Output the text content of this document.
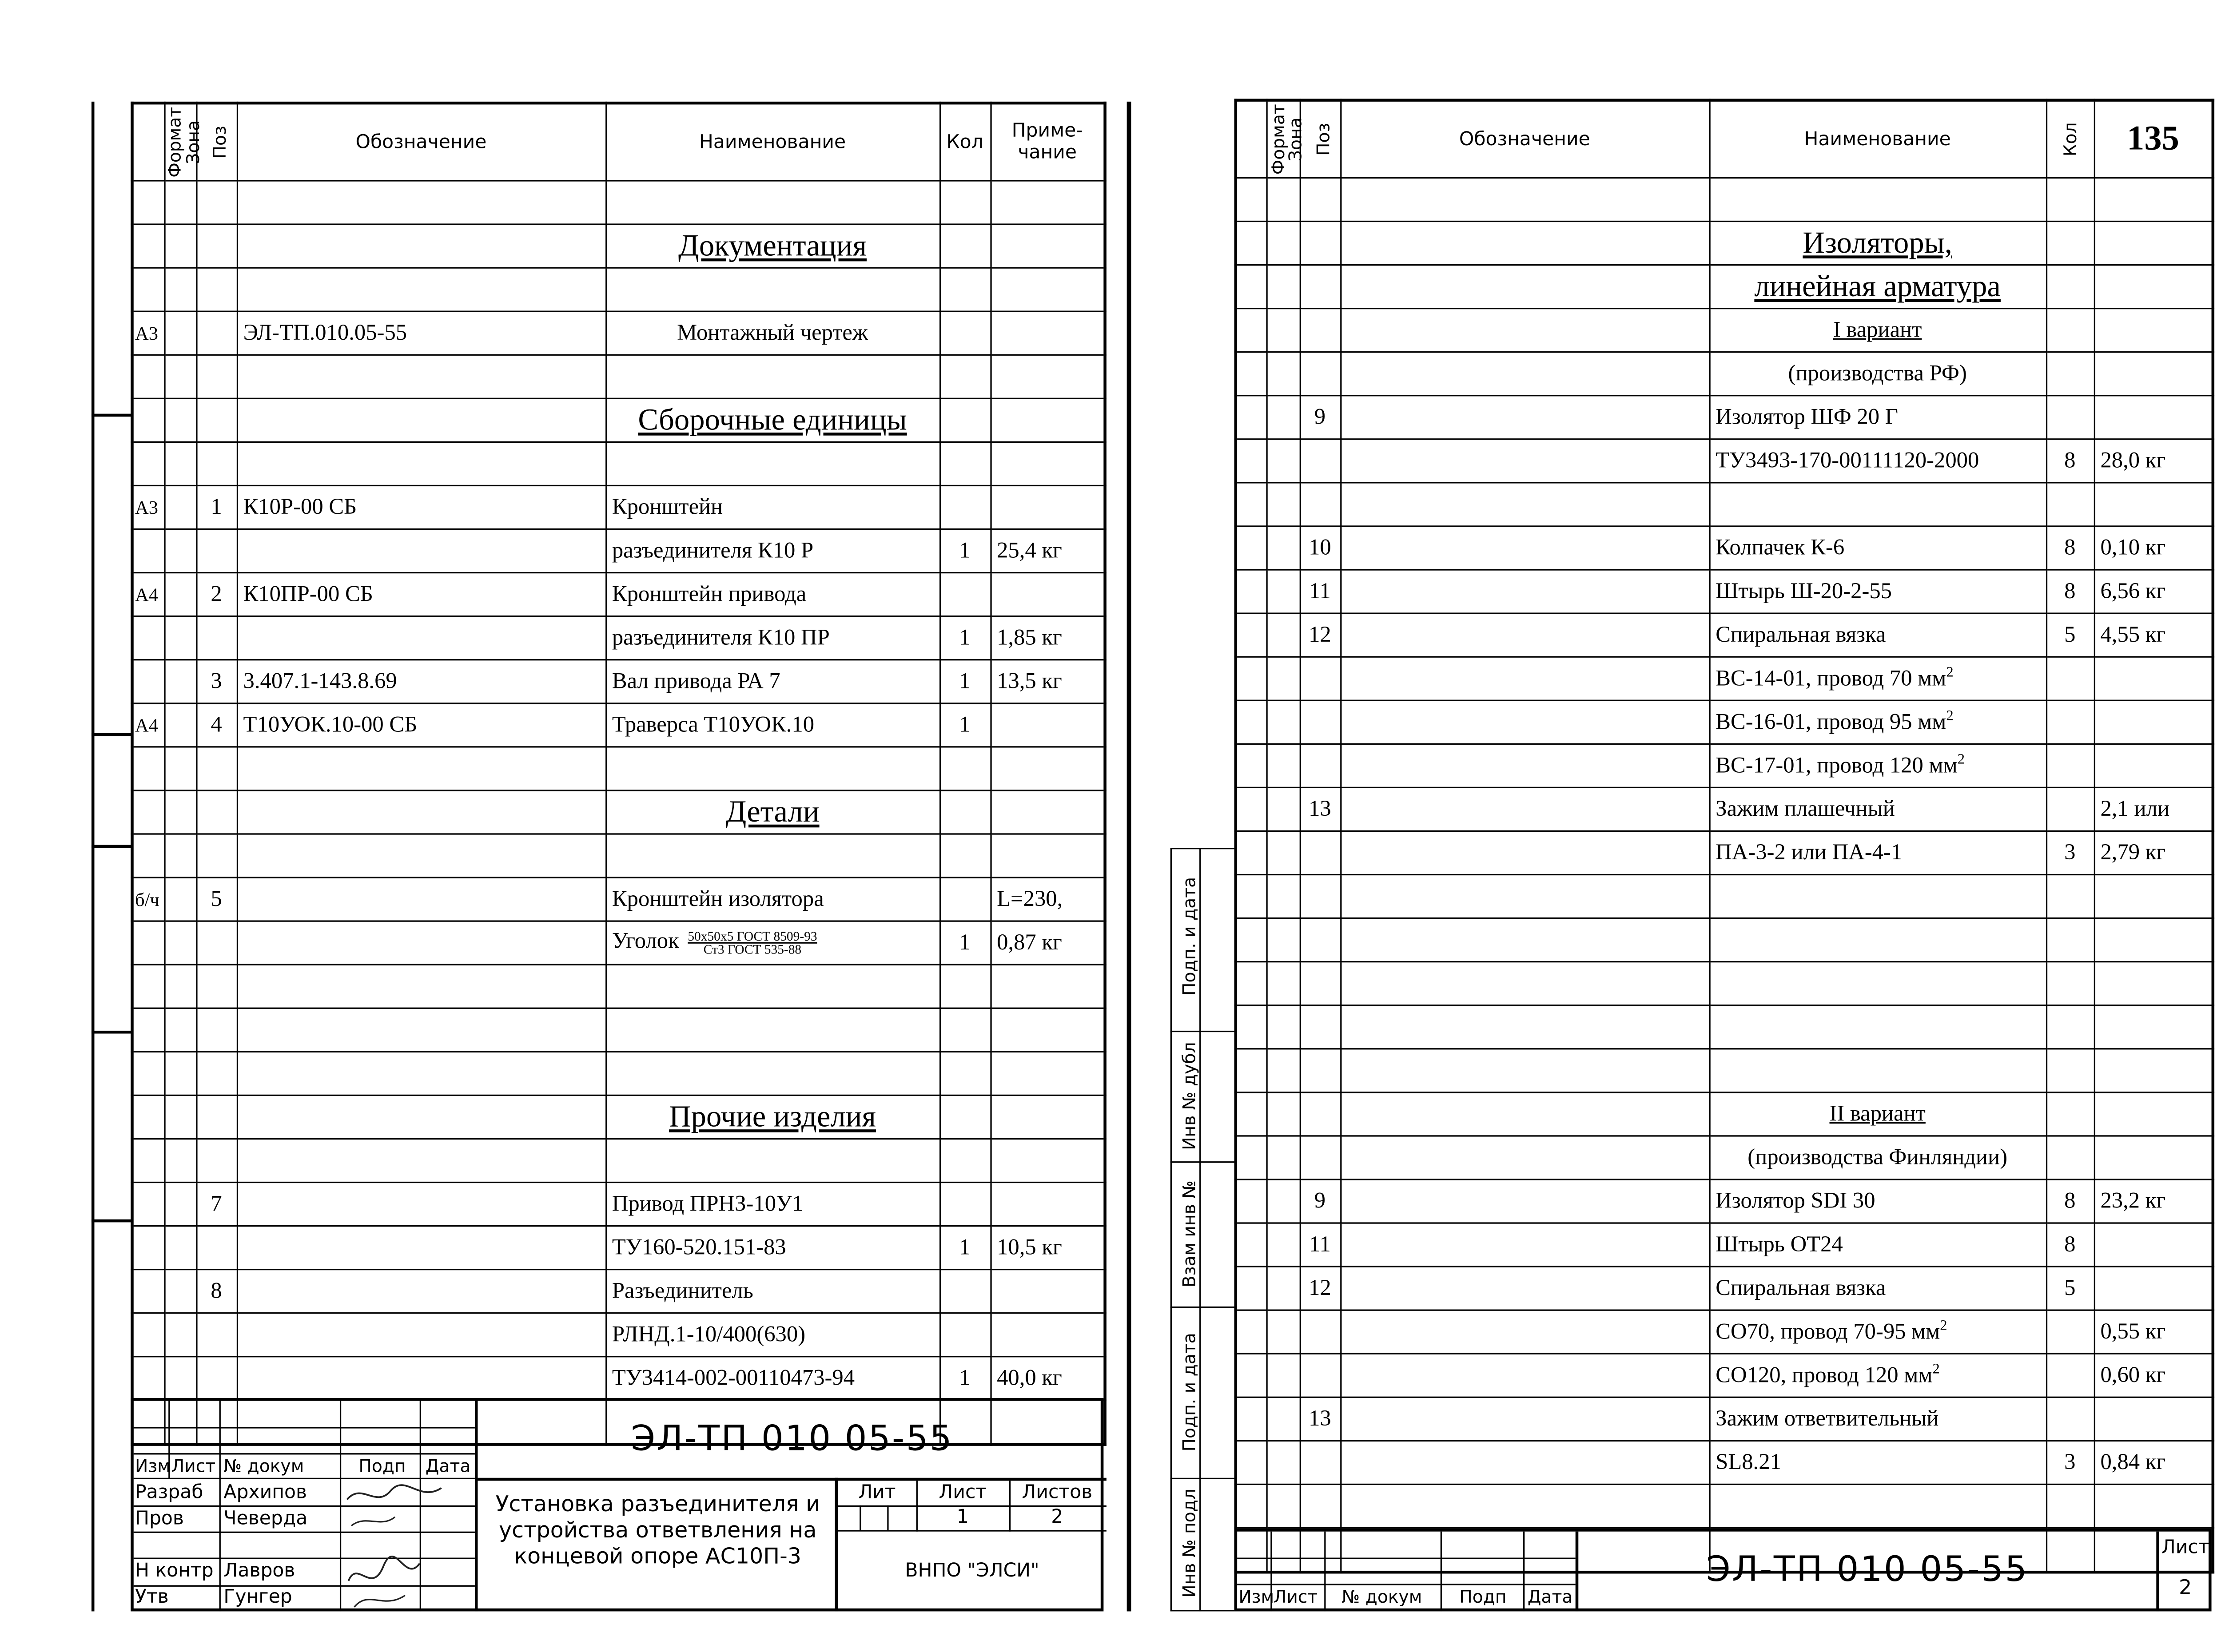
Формат	Зона	Поз	Обозначение	Наименование	Кол	Приме-
чание

				Документация		

А3			ЭЛ-ТП.010.05-55	Монтажный чертеж		

				Сборочные единицы		

А3		1	К10Р-00 СБ	Кронштейн		
				разъединителя К10 Р	1	25,4 кг
А4		2	К10ПР-00 СБ	Кронштейн привода		
				разъединителя К10 ПР	1	1,85 кг
		3	3.407.1-143.8.69	Вал привода РА 7	1	13,5 кг
А4		4	Т10УОК.10-00 СБ	Траверса Т10УОК.10	1	

				Детали		

б/ч		5		Кронштейн изолятора		L=230,
				Уголок 50х50х5 ГОСТ 8509-93
Ст3 ГОСТ 535-88	1	0,87 кг

				Прочие изделия		

		7		Привод ПРНЗ-10У1		
				ТУ160-520.151-83	1	10,5 кг
		8		Разъединитель		
				РЛНД.1-10/400(630)		
				ТУ3414-002-00110473-94	1	40,0 кг

ЭЛ-ТП 010 05-55
Изм Лист № докум	Подп	Дата
Разраб	Архипов
Пров	Чеверда
Н контр Лавров
Утв	Гунгер
Установка разъединителя и устройства ответвления на концевой опоре АС10П-3
Лит	Лист	Листов
1	2
ВНПО "ЭЛСИ"
Подп. и дата
Инв № дубл
Взам инв №
Подп. и дата
Инв № подл
Формат	Зона	Поз	Обозначение	Наименование	Кол	135

				Изоляторы,		

				линейная арматура		

				I вариант		

				(производства РФ)		
		9		Изолятор ШФ 20 Г		
				ТУ3493-170-00111120-2000	8	28,0 кг

		10		Колпачек К-6	8	0,10 кг
		11		Штырь Ш-20-2-55	8	6,56 кг
		12		Спиральная вязка	5	4,55 кг
				ВС-14-01, провод 70 $мм^2$		
				ВС-16-01, провод 95 $мм^2$		
				ВС-17-01, провод 120 $мм^2$		
		13		Зажим плашечный		2,1 или
				ПА-3-2 или ПА-4-1	3	2,79 кг

				II вариант		

				(производства Финляндии)		
		9		Изолятор SDI 30	8	23,2 кг
		11		Штырь ОТ24	8	
		12		Спиральная вязка	5	
				СО70, провод 70-95 $мм^2$		0,55 кг
				СО120, провод 120 $мм^2$		0,60 кг
		13		Зажим ответвительный		
				SL8.21	3	0,84 кг

Изм
Лист	№ докум	Подп	Дата
ЭЛ-ТП 010 05-55
Лист
2
